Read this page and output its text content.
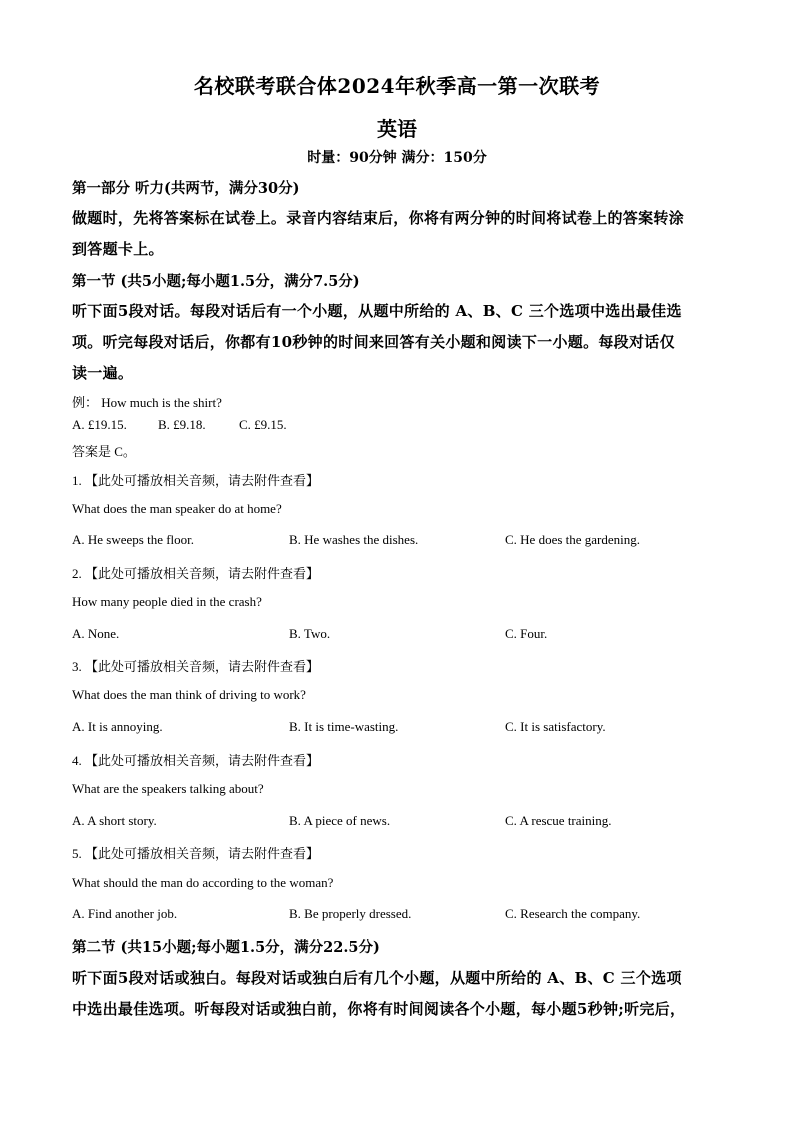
名校联考联合体2024年秋季高一第一次联考
英语
时量：90分钟 满分：150分
第一部分 听力(共两节，满分30分)
做题时，先将答案标在试卷上。录音内容结束后，你将有两分钟的时间将试卷上的答案转涂
到答题卡上。
第一节 (共5小题;每小题1.5分，满分7.5分)
听下面5段对话。每段对话后有一个小题，从题中所给的 A、B、C 三个选项中选出最佳选
项。听完每段对话后，你都有10秒钟的时间来回答有关小题和阅读下一小题。每段对话仅
读一遍。
例： How much is the shirt?
A. £19.15. B. £9.18.	C. £9.15.
答案是 C。
1. 【此处可播放相关音频，请去附件查看】
What does the man speaker do at home?
A. He sweeps the floor.	B. He washes the dishes.	C. He does the gardening.
2. 【此处可播放相关音频，请去附件查看】
How many people died in the crash?
A. None.	B. Two.	C. Four.
3. 【此处可播放相关音频，请去附件查看】
What does the man think of driving to work?
A. It is annoying.	B. It is time-wasting.	C. It is satisfactory.
4. 【此处可播放相关音频，请去附件查看】
What are the speakers talking about?
A. A short story.	B. A piece of news.	C. A rescue training.
5. 【此处可播放相关音频，请去附件查看】
What should the man do according to the woman?
A. Find another job.	B. Be properly dressed.	C. Research the company.
第二节 (共15小题;每小题1.5分，满分22.5分)
听下面5段对话或独白。每段对话或独白后有几个小题，从题中所给的 A、B、C 三个选项
中选出最佳选项。听每段对话或独白前，你将有时间阅读各个小题，每小题5秒钟;听完后，
